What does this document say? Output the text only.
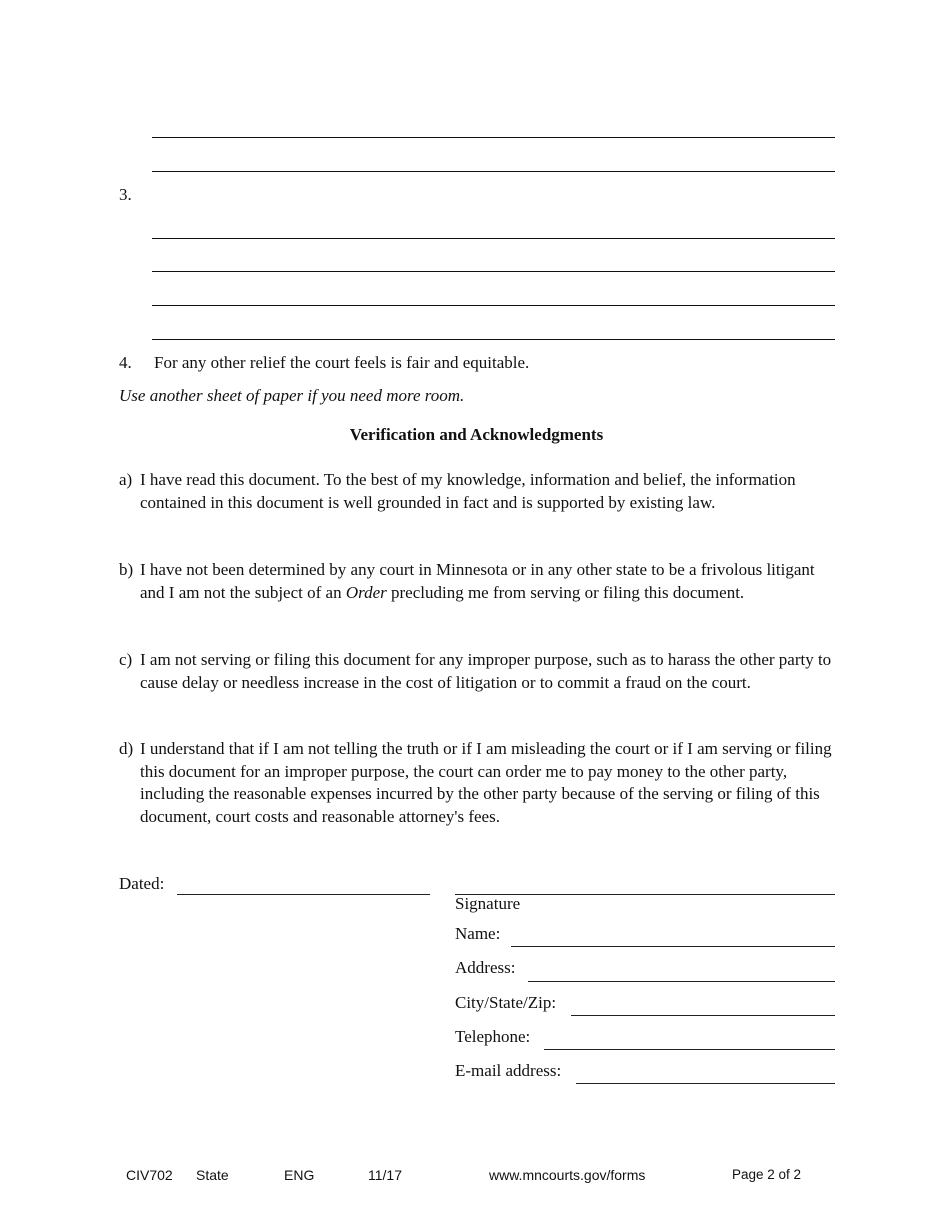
3.
4. For any other relief the court feels is fair and equitable.
Use another sheet of paper if you need more room.
Verification and Acknowledgments
a) I have read this document. To the best of my knowledge, information and belief, the information contained in this document is well grounded in fact and is supported by existing law.
b) I have not been determined by any court in Minnesota or in any other state to be a frivolous litigant and I am not the subject of an Order precluding me from serving or filing this document.
c) I am not serving or filing this document for any improper purpose, such as to harass the other party to cause delay or needless increase in the cost of litigation or to commit a fraud on the court.
d) I understand that if I am not telling the truth or if I am misleading the court or if I am serving or filing this document for an improper purpose, the court can order me to pay money to the other party, including the reasonable expenses incurred by the other party because of the serving or filing of this document, court costs and reasonable attorney's fees.
Dated:
Signature
Name:
Address:
City/State/Zip:
Telephone:
E-mail address:
CIV702 State	ENG	11/17	www.mncourts.gov/forms	Page 2 of 2
